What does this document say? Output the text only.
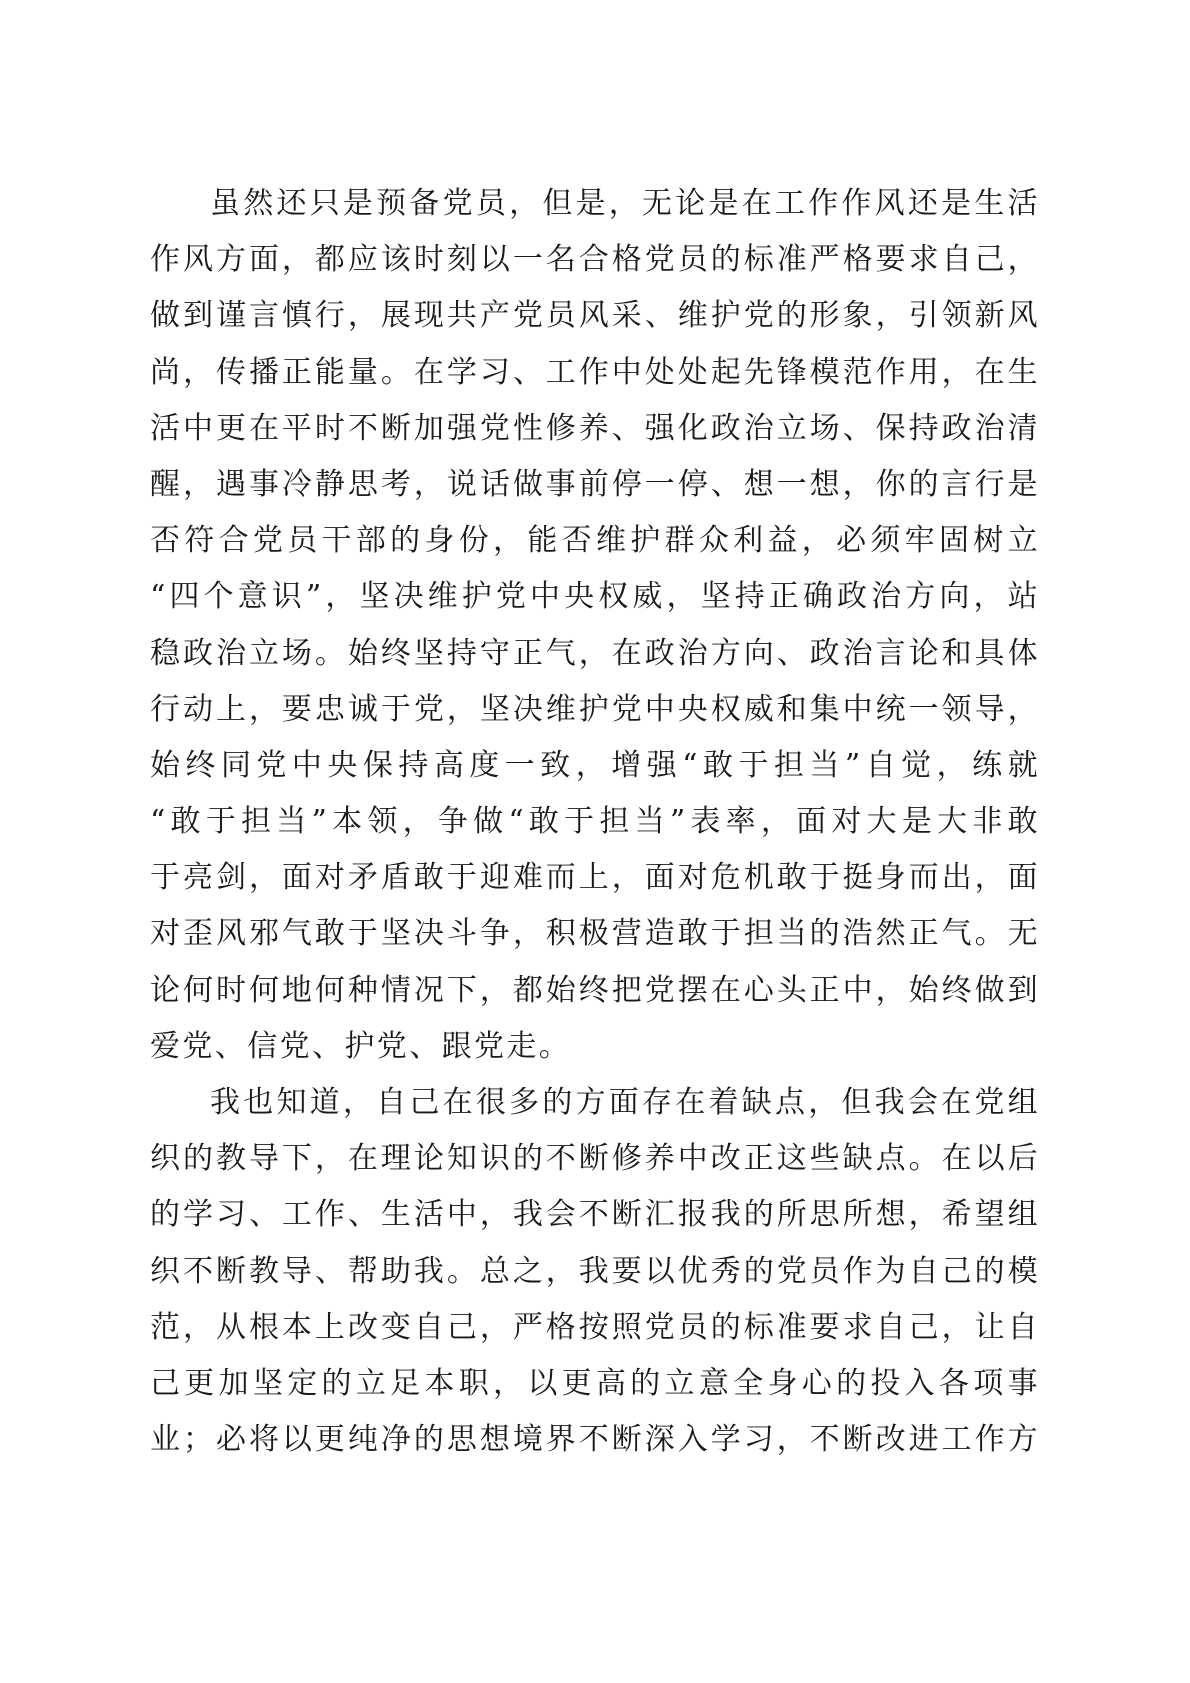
虽然还只是预备党员，但是，无论是在工作作风还是生活
作风方面，都应该时刻以一名合格党员的标准严格要求自己，
做到谨言慎行，展现共产党员风采、维护党的形象，引领新风
尚，传播正能量。在学习、工作中处处起先锋模范作用，在生
活中更在平时不断加强党性修养、强化政治立场、保持政治清
醒，遇事冷静思考，说话做事前停一停、想一想，你的言行是
否符合党员干部的身份，能否维护群众利益，必须牢固树立
“四个意识”，坚决维护党中央权威，坚持正确政治方向，站
稳政治立场。始终坚持守正气，在政治方向、政治言论和具体
行动上，要忠诚于党，坚决维护党中央权威和集中统一领导，
始终同党中央保持高度一致，增强“敢于担当”自觉，练就
“敢于担当”本领，争做“敢于担当”表率，面对大是大非敢
于亮剑，面对矛盾敢于迎难而上，面对危机敢于挺身而出，面
对歪风邪气敢于坚决斗争，积极营造敢于担当的浩然正气。无
论何时何地何种情况下，都始终把党摆在心头正中，始终做到
爱党、信党、护党、跟党走。
我也知道，自己在很多的方面存在着缺点，但我会在党组
织的教导下，在理论知识的不断修养中改正这些缺点。在以后
的学习、工作、生活中，我会不断汇报我的所思所想，希望组
织不断教导、帮助我。总之，我要以优秀的党员作为自己的模
范，从根本上改变自己，严格按照党员的标准要求自己，让自
己更加坚定的立足本职，以更高的立意全身心的投入各项事
业；必将以更纯净的思想境界不断深入学习，不断改进工作方
